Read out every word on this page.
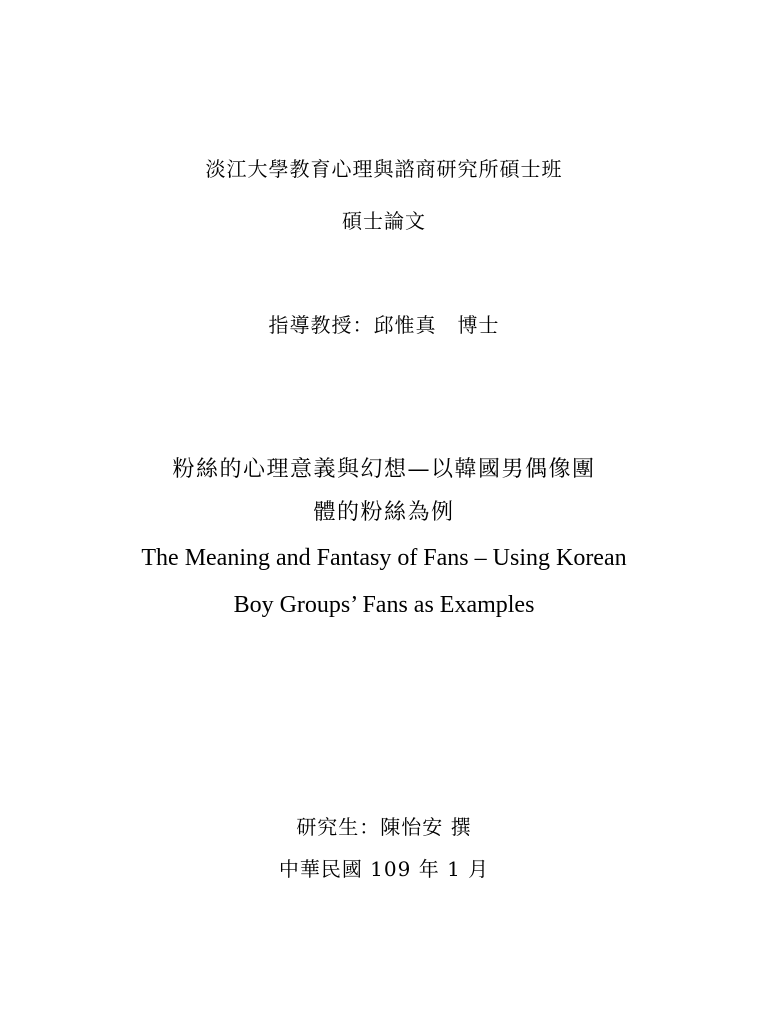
淡江大學教育心理與諮商研究所碩士班
碩士論文
指導教授：邱惟真　博士
粉絲的心理意義與幻想—以韓國男偶像團
體的粉絲為例
The Meaning and Fantasy of Fans – Using Korean
Boy Groups’ Fans as Examples
研究生：陳怡安 撰
中華民國 109 年 1 月
